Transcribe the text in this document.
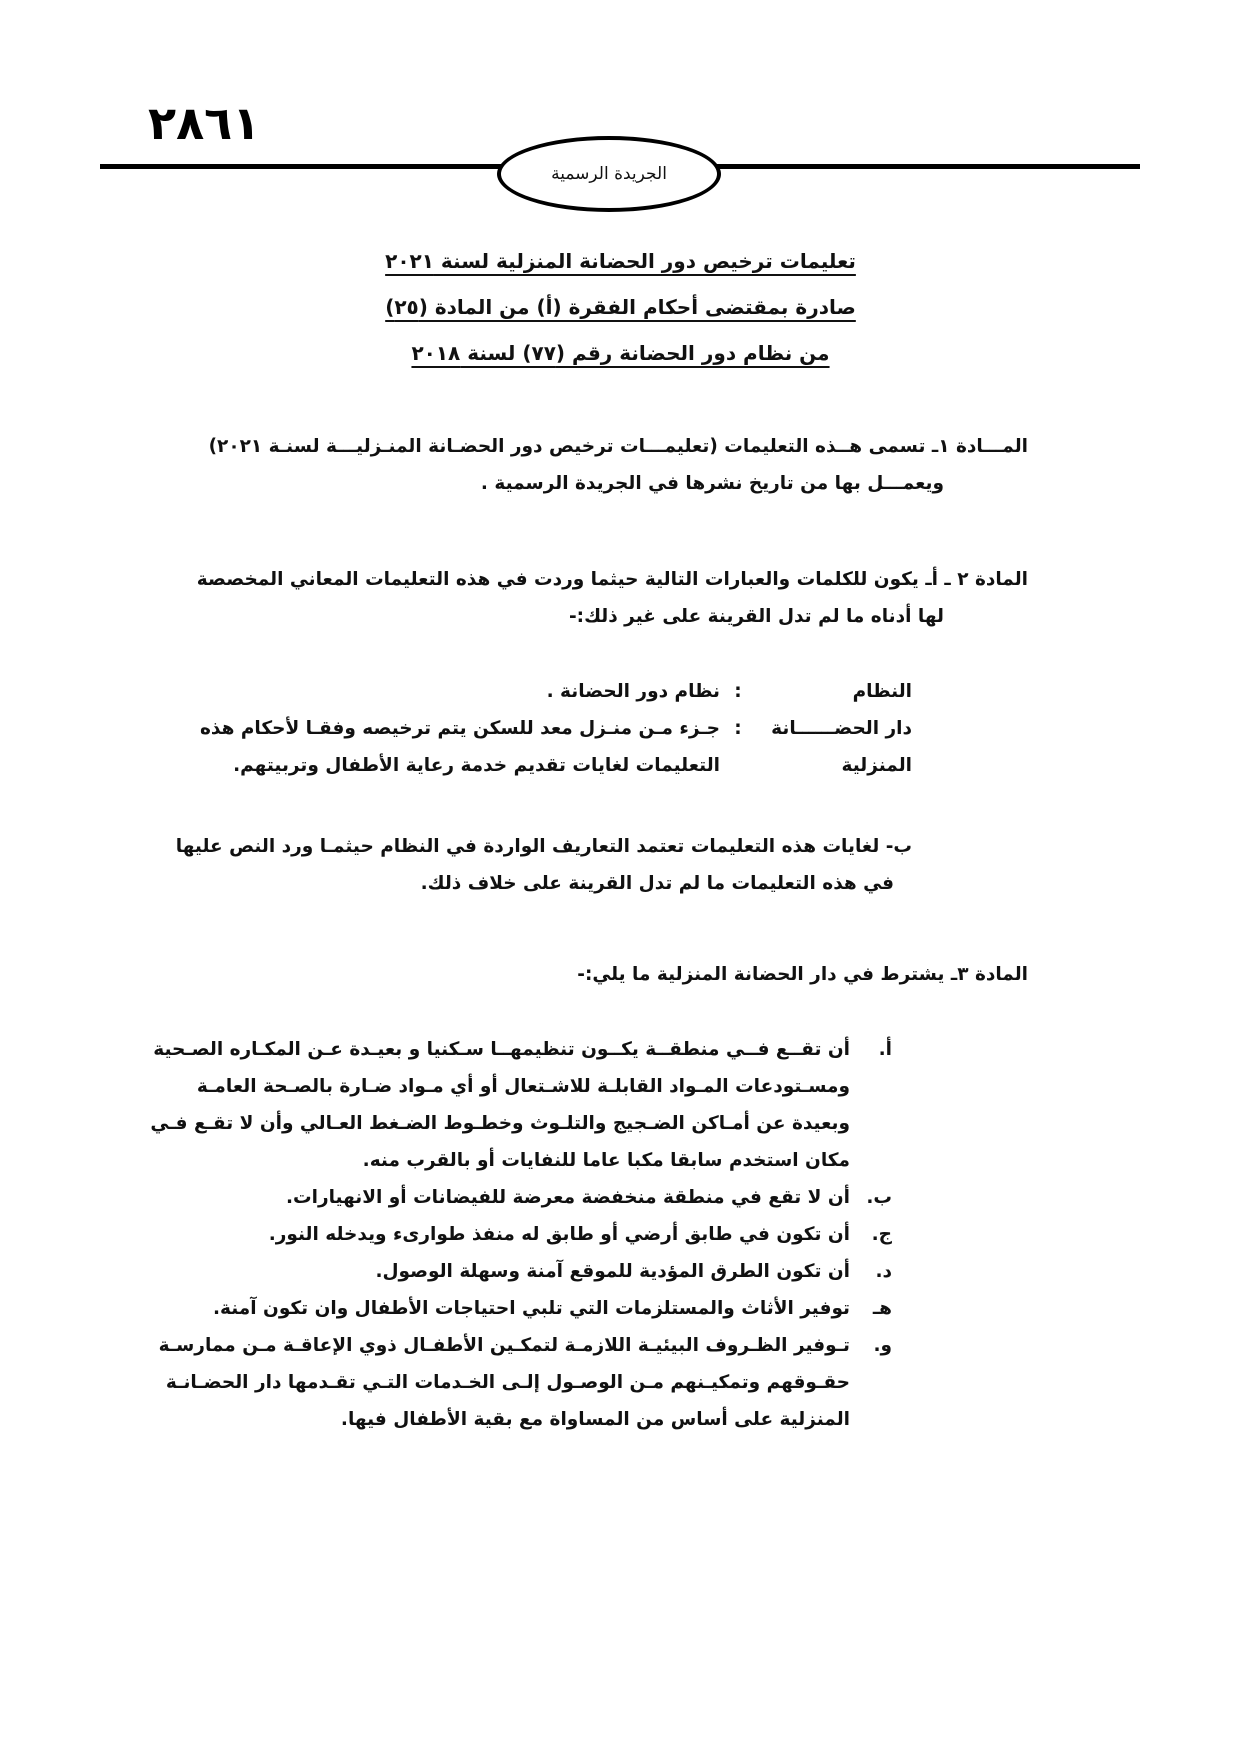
٢٨٦١
الجريدة الرسمية
تعليمات ترخيص دور الحضانة المنزلية لسنة ٢٠٢١
صادرة بمقتضى أحكام الفقرة (أ) من المادة (٢٥)
من نظام دور الحضانة رقم (٧٧) لسنة ٢٠١٨

المـــادة ١ـ تسمى هــذه التعليمات (تعليمـــات ترخيص دور الحضـانة المنـزليـــة لسنـة ٢٠٢١)

ويعمـــل بها من تاريخ نشرها في الجريدة الرسمية .

المادة ٢ ـ أـ يكون للكلمات والعبارات التالية حيثما وردت في هذه التعليمات المعاني المخصصة

لها أدناه ما لم تدل القرينة على غير ذلك:-

النظام
:
نظام دور الحضانة .
دار الحضــــــانة
:
جـزء مـن منـزل معد للسكن يتم ترخيصه وفقـا لأحكام هذه
المنزلية
التعليمات لغايات تقديم خدمة رعاية الأطفال وتربيتهم.

ب- لغايات هذه التعليمات تعتمد التعاريف الواردة في النظام حيثمـا ورد النص عليها

في هذه التعليمات ما لم تدل القرينة على خلاف ذلك.

المادة ٣ـ يشترط في دار الحضانة المنزلية ما يلي:-

أ.

أن تقــع فــي منطقــة يكــون تنظيمهــا سـكنيا و بعيـدة عـن المكـاره الصـحية

ومسـتودعات المـواد القابلـة للاشـتعال أو أي مـواد ضـارة بالصـحة العامـة

وبعيدة عن أمـاكن الضـجيج والتلـوث وخطـوط الضـغط العـالي وأن لا تقـع فـي

مكان استخدم سابقا مكبا عاما للنفايات أو بالقرب منه.

ب.

أن لا تقع في منطقة منخفضة معرضة للفيضانات أو الانهيارات.

ج.

أن تكون في طابق أرضي أو طابق له منفذ طوارىء ويدخله النور.

د.

أن تكون الطرق المؤدية للموقع آمنة وسهلة الوصول.

هـ

توفير الأثاث والمستلزمات التي تلبي احتياجات الأطفال وان تكون آمنة.

و.

تـوفير الظـروف البيئيـة اللازمـة لتمكـين الأطفـال ذوي الإعاقـة مـن ممارسـة

حقـوقهم وتمكيـنهم مـن الوصـول إلـى الخـدمات التـي تقـدمها دار الحضـانـة

المنزلية على أساس من المساواة مع بقية الأطفال فيها.
